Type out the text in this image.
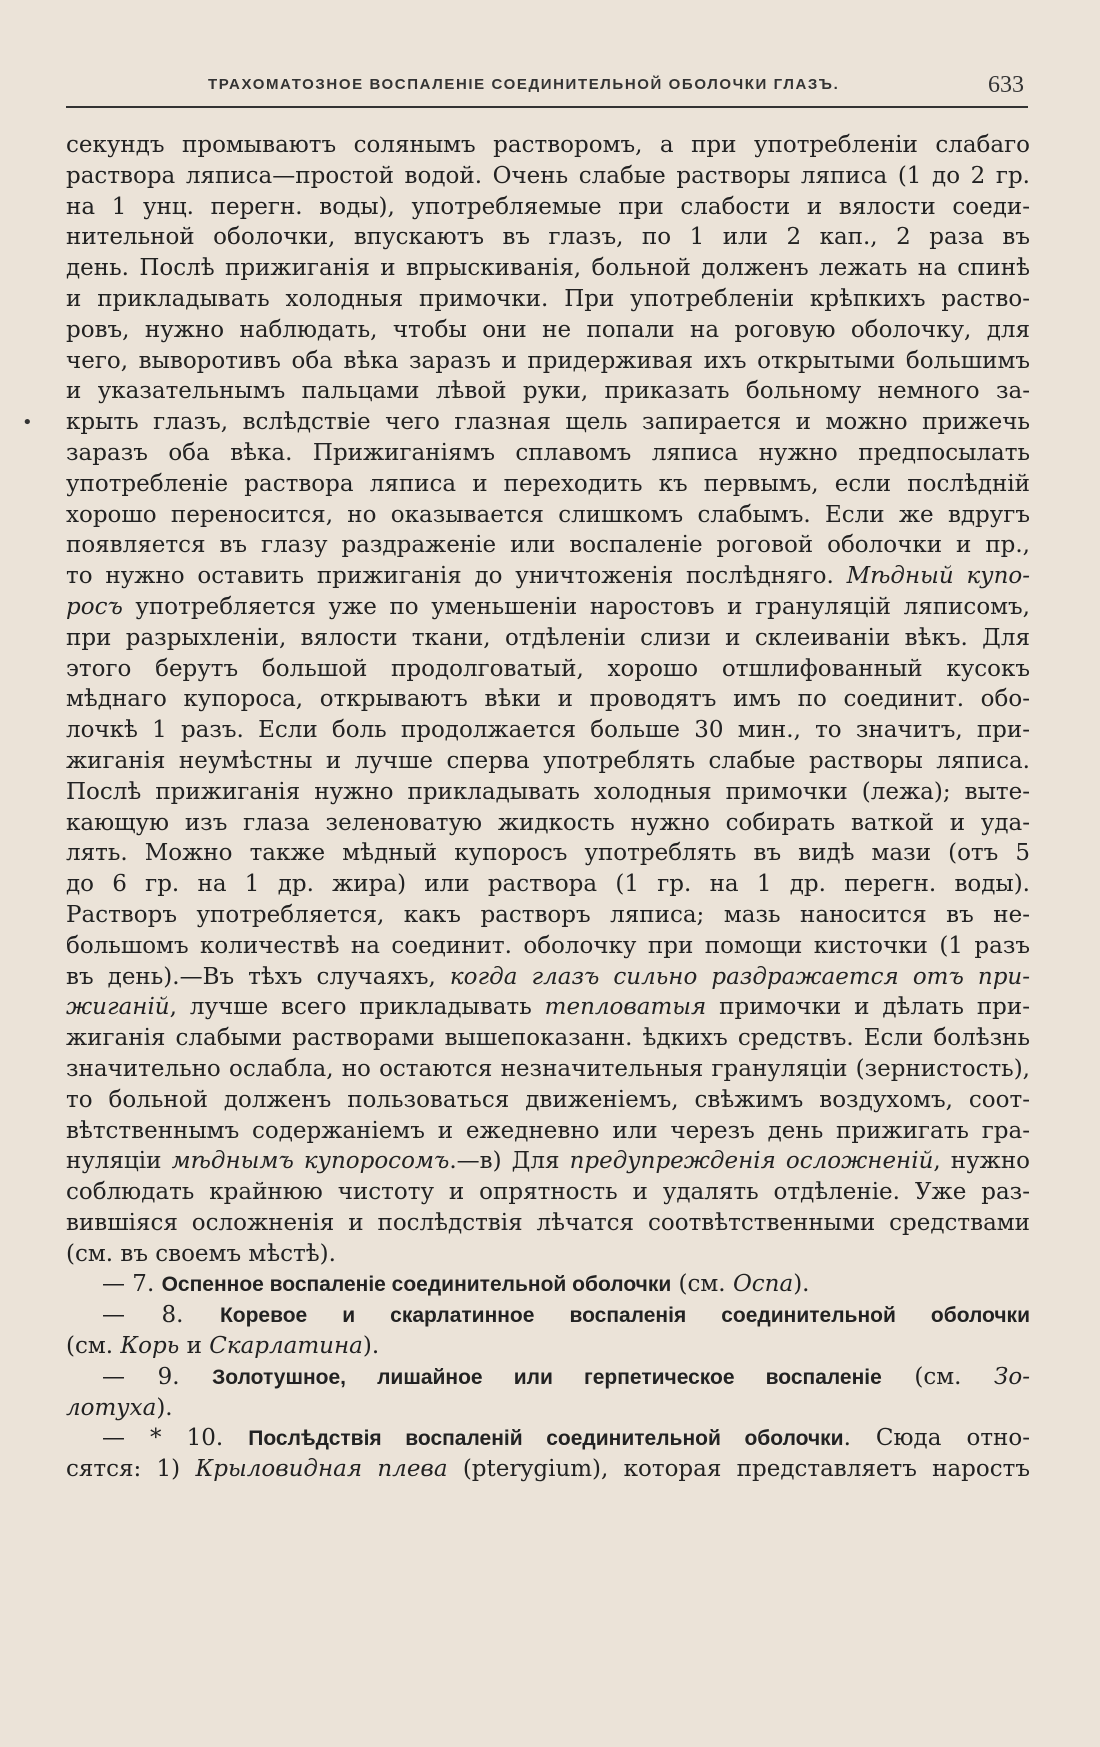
ТРАХОМАТОЗНОЕ ВОСПАЛЕНІЕ СОЕДИНИТЕЛЬНОЙ ОБОЛОЧКИ ГЛАЗЪ.	633
•
секундъ промываютъ солянымъ растворомъ, а при употребленіи слабаго
раствора ляписа—простой водой. Очень слабые растворы ляписа (1 до 2 гр.
на 1 унц. перегн. воды), употребляемые при слабости и вялости соеди-
нительной оболочки, впускаютъ въ глазъ, по 1 или 2 кап., 2 раза въ
день. Послѣ прижиганія и впрыскиванія, больной долженъ лежать на спинѣ
и прикладывать холодныя примочки. При употребленіи крѣпкихъ раство-
ровъ, нужно наблюдать, чтобы они не попали на роговую оболочку, для
чего, выворотивъ оба вѣка заразъ и придерживая ихъ открытыми большимъ
и указательнымъ пальцами лѣвой руки, приказать больному немного за-
крыть глазъ, вслѣдствіе чего глазная щель запирается и можно прижечь
заразъ оба вѣка. Прижиганіямъ сплавомъ ляписа нужно предпосылать
употребленіе раствора ляписа и переходить къ первымъ, если послѣдній
хорошо переносится, но оказывается слишкомъ слабымъ. Если же вдругъ
появляется въ глазу раздраженіе или воспаленіе роговой оболочки и пр.,
то нужно оставить прижиганія до уничтоженія послѣдняго. Мѣдный купо-
росъ употребляется уже по уменьшеніи наростовъ и грануляцій ляписомъ,
при разрыхленіи, вялости ткани, отдѣленіи слизи и склеиваніи вѣкъ. Для
этого берутъ большой продолговатый, хорошо отшлифованный кусокъ
мѣднаго купороса, открываютъ вѣки и проводятъ имъ по соединит. обо-
лочкѣ 1 разъ. Если боль продолжается больше 30 мин., то значитъ, при-
жиганія неумѣстны и лучше сперва употреблять слабые растворы ляписа.
Послѣ прижиганія нужно прикладывать холодныя примочки (лежа); выте-
кающую изъ глаза зеленоватую жидкость нужно собирать ваткой и уда-
лять. Можно также мѣдный купоросъ употреблять въ видѣ мази (отъ 5
до 6 гр. на 1 др. жира) или раствора (1 гр. на 1 др. перегн. воды).
Растворъ употребляется, какъ растворъ ляписа; мазь наносится въ не-
большомъ количествѣ на соединит. оболочку при помощи кисточки (1 разъ
въ день).—Въ тѣхъ случаяхъ, когда глазъ сильно раздражается отъ при-
жиганій, лучше всего прикладывать тепловатыя примочки и дѣлать при-
жиганія слабыми растворами вышепоказанн. ѣдкихъ средствъ. Если болѣзнь
значительно ослабла, но остаются незначительныя грануляціи (зернистость),
то больной долженъ пользоваться движеніемъ, свѣжимъ воздухомъ, соот-
вѣтственнымъ содержаніемъ и ежедневно или черезъ день прижигать гра-
нуляціи мѣднымъ купоросомъ.—в) Для предупрежденія осложненій, нужно
соблюдать крайнюю чистоту и опрятность и удалять отдѣленіе. Уже раз-
вившіяся осложненія и послѣдствія лѣчатся соотвѣтственными средствами
(см. въ своемъ мѣстѣ).
— 7. Оспенное воспаленіе соединительной оболочки (см. Оспа).
— 8. Коревое и скарлатинное воспаленія соединительной оболочки
(см. Корь и Скарлатина).
— 9. Золотушное, лишайное или герпетическое воспаленіе (см. Зо-
лотуха).
— * 10. Послѣдствія воспаленій соединительной оболочки. Сюда отно-
сятся: 1) Крыловидная плева (pterygium), которая представляетъ наростъ
